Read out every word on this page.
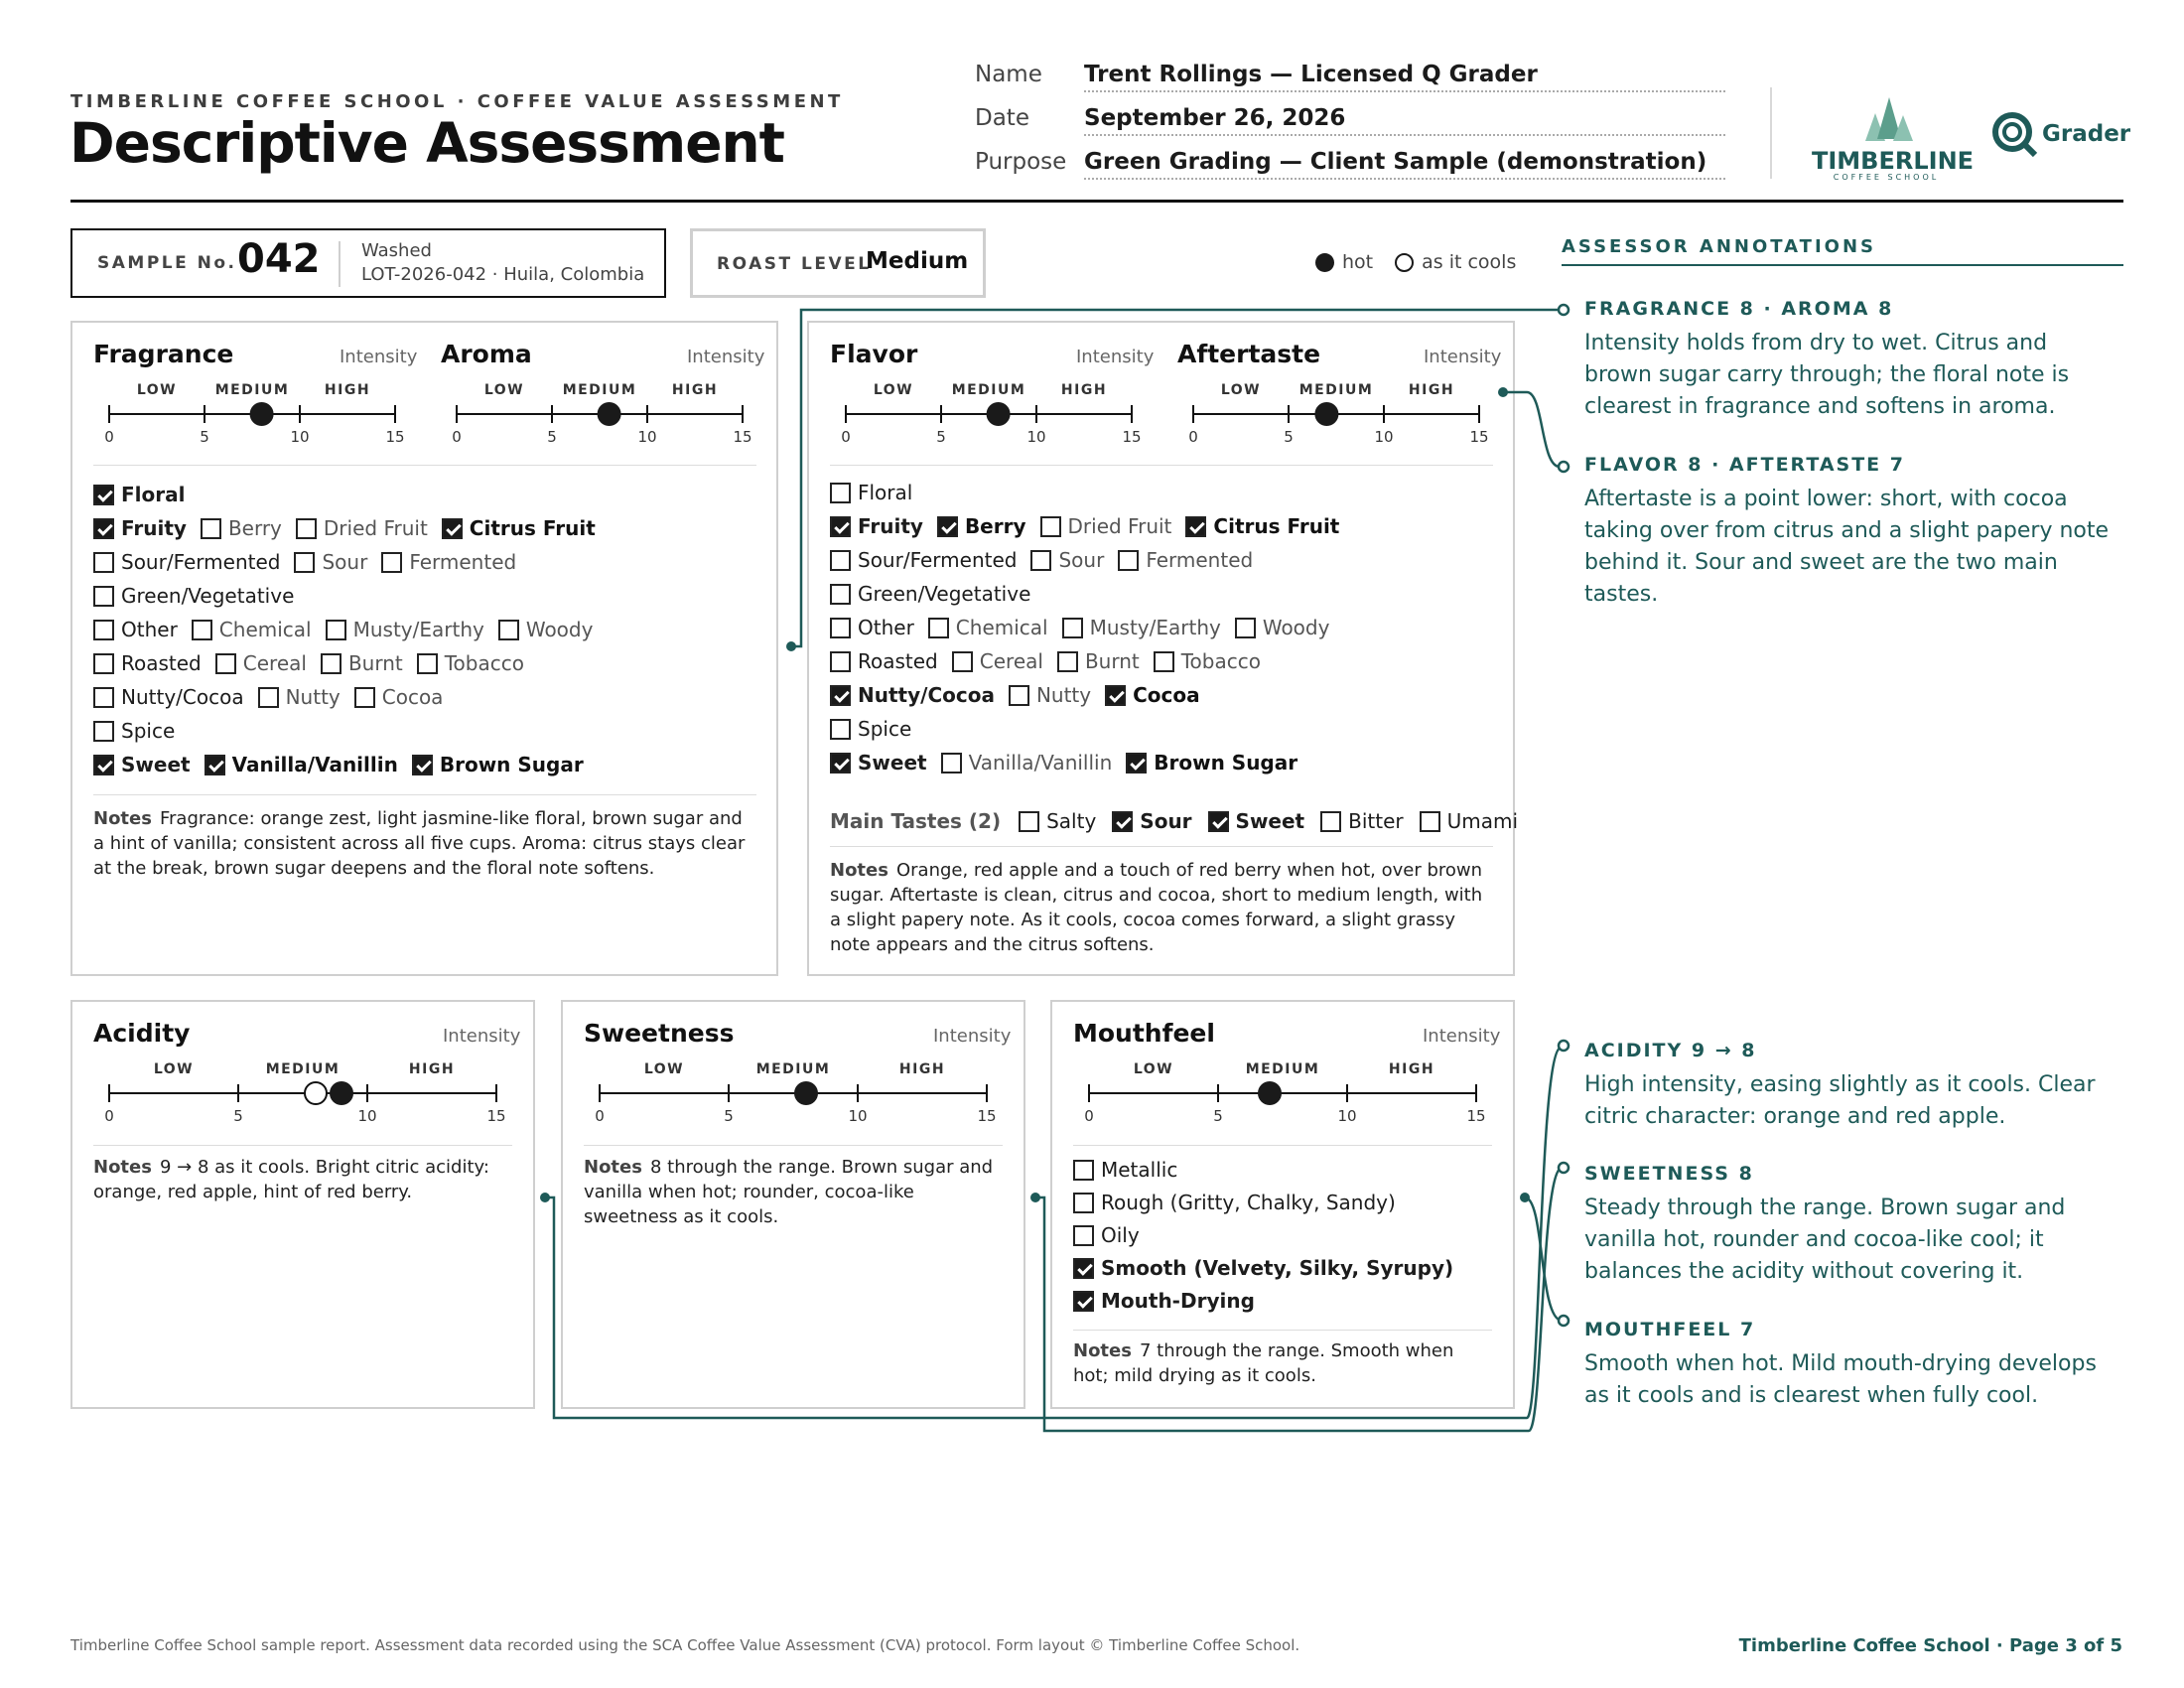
TIMBERLINE COFFEE SCHOOL · COFFEE VALUE ASSESSMENT
Descriptive Assessment
Name Trent Rollings — Licensed Q Grader
Date September 26, 2026
Purpose Green Grading — Client Sample (demonstration)	TIMBERLINE
COFFEE SCHOOL
Grader
SAMPLE No. 042 Washed
LOT-2026-042 · Huila, Colombia	ROAST LEVEL
Medium	hot	as it cools
Fragrance	Intensity Aroma	Intensity
0	5	10	15
LOW	MEDIUM	HIGH
0	5	10	15
LOW	MEDIUM	HIGH
Floral
Fruity Berry Dried Fruit Citrus Fruit
Sour/Fermented Sour Fermented
Green/Vegetative
Other Chemical Musty/Earthy Woody
Roasted Cereal Burnt Tobacco
Nutty/Cocoa Nutty Cocoa
Spice
Sweet Vanilla/Vanillin Brown Sugar
Notes Fragrance: orange zest, light jasmine-like floral, brown sugar and a hint of vanilla; consistent across all five cups. Aroma: citrus stays clear at the break, brown sugar deepens and the floral note softens.
Flavor	Intensity Aftertaste	Intensity
0	5	10	15
LOW	MEDIUM	HIGH
0	5	10	15
LOW	MEDIUM	HIGH
Floral
Fruity Berry Dried Fruit Citrus Fruit
Sour/Fermented Sour Fermented
Green/Vegetative
Other Chemical Musty/Earthy Woody
Roasted Cereal Burnt Tobacco
Nutty/Cocoa Nutty Cocoa
Spice
Sweet Vanilla/Vanillin Brown Sugar
Main Tastes (2) Salty Sour Sweet Bitter Umami
Notes Orange, red apple and a touch of red berry when hot, over brown sugar. Aftertaste is clean, citrus and cocoa, short to medium length, with a slight papery note. As it cools, cocoa comes forward, a slight grassy note appears and the citrus softens.
Acidity	Intensity
0	5	10	15
LOW	MEDIUM	HIGH
Notes 9 → 8 as it cools. Bright citric acidity: orange, red apple, hint of red berry.
Sweetness	Intensity
0	5	10	15
LOW	MEDIUM	HIGH
Notes 8 through the range. Brown sugar and vanilla when hot; rounder, cocoa-like sweetness as it cools.
Mouthfeel	Intensity
0	5	10	15
LOW	MEDIUM	HIGH
Metallic
Rough (Gritty, Chalky, Sandy)
Oily
Smooth (Velvety, Silky, Syrupy)
Mouth-Drying
Notes 7 through the range. Smooth when hot; mild drying as it cools.
ASSESSOR ANNOTATIONS
FRAGRANCE 8 · AROMA 8
Intensity holds from dry to wet. Citrus and brown sugar carry through; the floral note is clearest in fragrance and softens in aroma.
FLAVOR 8 · AFTERTASTE 7
Aftertaste is a point lower: short, with cocoa taking over from citrus and a slight papery note behind it. Sour and sweet are the two main tastes.
ACIDITY 9 → 8
High intensity, easing slightly as it cools. Clear citric character: orange and red apple.
SWEETNESS 8
Steady through the range. Brown sugar and vanilla hot, rounder and cocoa-like cool; it balances the acidity without covering it.
MOUTHFEEL 7
Smooth when hot. Mild mouth-drying develops as it cools and is clearest when fully cool.
Timberline Coffee School sample report. Assessment data recorded using the SCA Coffee Value Assessment (CVA) protocol. Form layout © Timberline Coffee School.	Timberline Coffee School · Page 3 of 5
